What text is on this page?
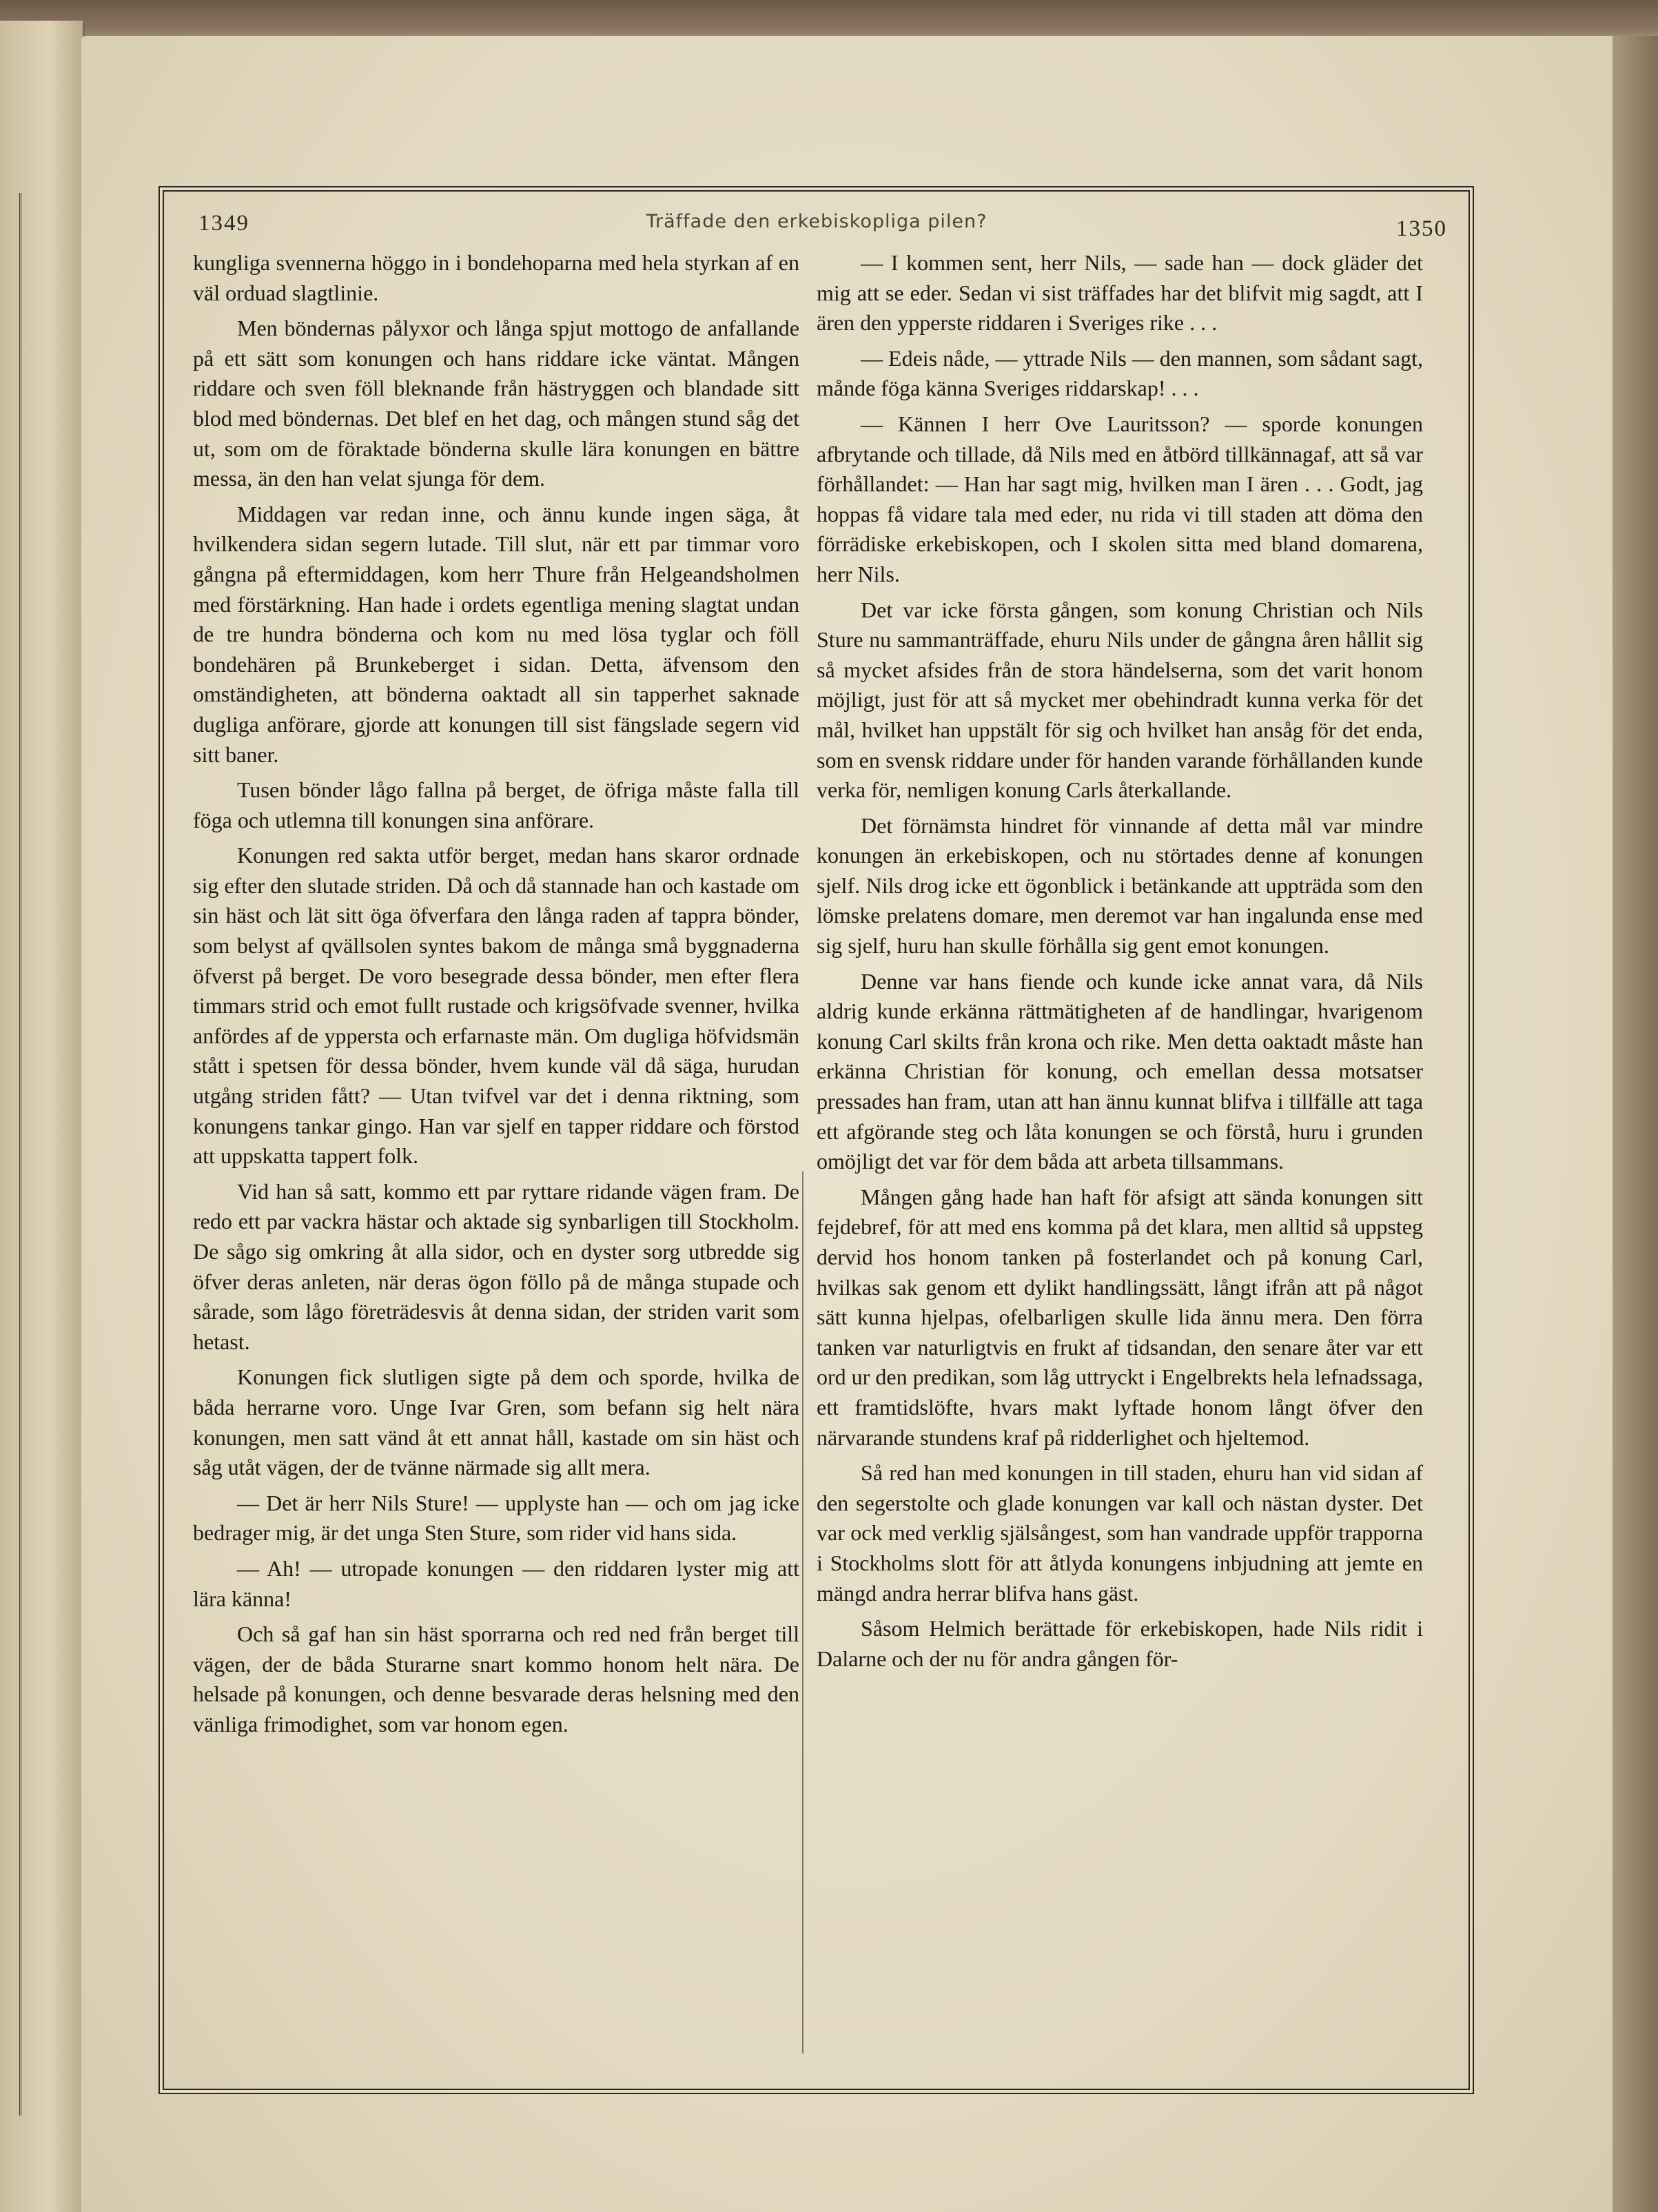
1349	Träffade den erkebiskopliga pilen?	1350

kungliga svennerna höggo in i bondehoparna med hela styrkan af en väl orduad slagtlinie.

Men böndernas pålyxor och långa spjut mottogo de anfallande på ett sätt som konungen och hans riddare icke väntat. Mången riddare och sven föll bleknande från hästryggen och blandade sitt blod med böndernas. Det blef en het dag, och mången stund såg det ut, som om de föraktade bönderna skulle lära konungen en bättre messa, än den han velat sjunga för dem.

Middagen var redan inne, och ännu kunde ingen säga, åt hvilkendera sidan segern lutade. Till slut, när ett par timmar voro gångna på eftermiddagen, kom herr Thure från Helgeandsholmen med förstärkning. Han hade i ordets egentliga mening slagtat undan de tre hundra bönderna och kom nu med lösa tyglar och föll bondehären på Brunkeberget i sidan. Detta, äfvensom den omständigheten, att bönderna oaktadt all sin tapperhet saknade dugliga anförare, gjorde att konungen till sist fängslade segern vid sitt baner.

Tusen bönder lågo fallna på berget, de öfriga måste falla till föga och utlemna till konungen sina anförare.

Konungen red sakta utför berget, medan hans skaror ordnade sig efter den slutade striden. Då och då stannade han och kastade om sin häst och lät sitt öga öfverfara den långa raden af tappra bönder, som belyst af qvällsolen syntes bakom de många små byggnaderna öfverst på berget. De voro besegrade dessa bönder, men efter flera timmars strid och emot fullt rustade och krigsöfvade svenner, hvilka anfördes af de yppersta och erfarnaste män. Om dugliga höfvidsmän stått i spetsen för dessa bönder, hvem kunde väl då säga, hurudan utgång striden fått? — Utan tvifvel var det i denna riktning, som konungens tankar gingo. Han var sjelf en tapper riddare och förstod att uppskatta tappert folk.

Vid han så satt, kommo ett par ryttare ridande vägen fram. De redo ett par vackra hästar och aktade sig synbarligen till Stockholm. De sågo sig omkring åt alla sidor, och en dyster sorg utbredde sig öfver deras anleten, när deras ögon föllo på de många stupade och sårade, som lågo företrädesvis åt denna sidan, der striden varit som hetast.

Konungen fick slutligen sigte på dem och sporde, hvilka de båda herrarne voro. Unge Ivar Gren, som befann sig helt nära konungen, men satt vänd åt ett annat håll, kastade om sin häst och såg utåt vägen, der de tvänne närmade sig allt mera.

— Det är herr Nils Sture! — upplyste han — och om jag icke bedrager mig, är det unga Sten Sture, som rider vid hans sida.

— Ah! — utropade konungen — den riddaren lyster mig att lära känna!

Och så gaf han sin häst sporrarna och red ned från berget till vägen, der de båda Sturarne snart kommo honom helt nära. De helsade på konungen, och denne besvarade deras helsning med den vänliga frimodighet, som var honom egen.

— I kommen sent, herr Nils, — sade han — dock gläder det mig att se eder. Sedan vi sist träffades har det blifvit mig sagdt, att I ären den ypperste riddaren i Sveriges rike . . .

— Edeis nåde, — yttrade Nils — den mannen, som sådant sagt, månde föga känna Sveriges riddarskap! . . .

— Kännen I herr Ove Lauritsson? — sporde konungen afbrytande och tillade, då Nils med en åtbörd tillkännagaf, att så var förhållandet: — Han har sagt mig, hvilken man I ären . . . Godt, jag hoppas få vidare tala med eder, nu rida vi till staden att döma den förrädiske erkebiskopen, och I skolen sitta med bland domarena, herr Nils.

Det var icke första gången, som konung Christian och Nils Sture nu sammanträffade, ehuru Nils under de gångna åren hållit sig så mycket afsides från de stora händelserna, som det varit honom möjligt, just för att så mycket mer obehindradt kunna verka för det mål, hvilket han uppstält för sig och hvilket han ansåg för det enda, som en svensk riddare under för handen varande förhållanden kunde verka för, nemligen konung Carls återkallande.

Det förnämsta hindret för vinnande af detta mål var mindre konungen än erkebiskopen, och nu störtades denne af konungen sjelf. Nils drog icke ett ögonblick i betänkande att uppträda som den lömske prelatens domare, men deremot var han ingalunda ense med sig sjelf, huru han skulle förhålla sig gent emot konungen.

Denne var hans fiende och kunde icke annat vara, då Nils aldrig kunde erkänna rättmätigheten af de handlingar, hvarigenom konung Carl skilts från krona och rike. Men detta oaktadt måste han erkänna Christian för konung, och emellan dessa motsatser pressades han fram, utan att han ännu kunnat blifva i tillfälle att taga ett afgörande steg och låta konungen se och förstå, huru i grunden omöjligt det var för dem båda att arbeta tillsammans.

Mången gång hade han haft för afsigt att sända konungen sitt fejdebref, för att med ens komma på det klara, men alltid så uppsteg dervid hos honom tanken på fosterlandet och på konung Carl, hvilkas sak genom ett dylikt handlingssätt, långt ifrån att på något sätt kunna hjelpas, ofelbarligen skulle lida ännu mera. Den förra tanken var naturligtvis en frukt af tidsandan, den senare åter var ett ord ur den predikan, som låg uttryckt i Engelbrekts hela lefnadssaga, ett framtidslöfte, hvars makt lyftade honom långt öfver den närvarande stundens kraf på ridderlighet och hjeltemod.

Så red han med konungen in till staden, ehuru han vid sidan af den segerstolte och glade konungen var kall och nästan dyster. Det var ock med verklig själsångest, som han vandrade uppför trapporna i Stockholms slott för att åtlyda konungens inbjudning att jemte en mängd andra herrar blifva hans gäst.

Såsom Helmich berättade för erkebiskopen, hade Nils ridit i Dalarne och der nu för andra gången för-
